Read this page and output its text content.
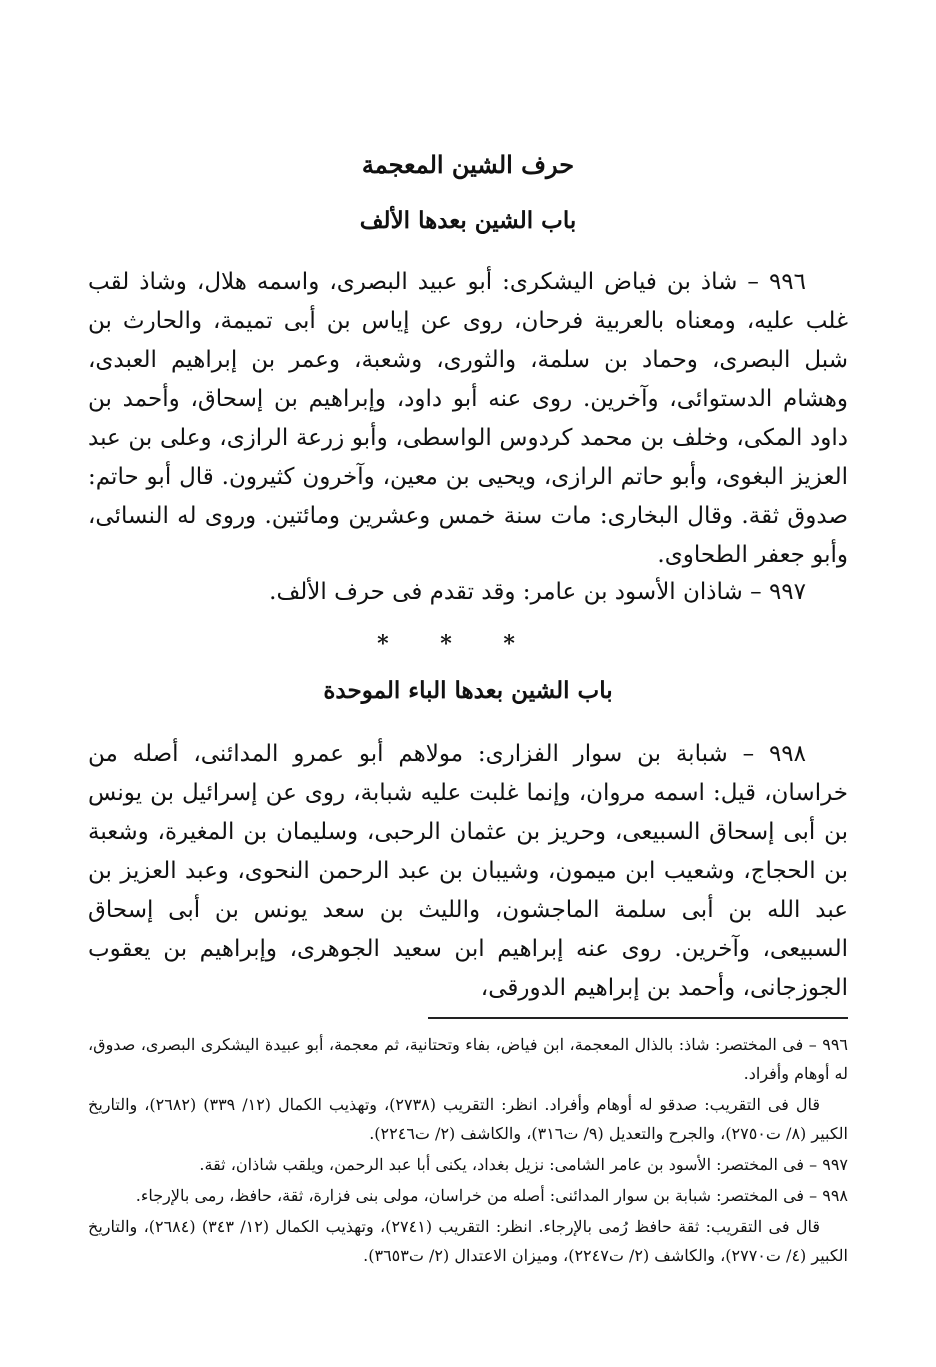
حرف الشين المعجمة
باب الشين بعدها الألف

٩٩٦ – شاذ بن فياض اليشكرى: أبو عبيد البصرى، واسمه هلال، وشاذ لقب غلب عليه، ومعناه بالعربية فرحان، روى عن إياس بن أبى تميمة، والحارث بن شبل البصرى، وحماد بن سلمة، والثورى، وشعبة، وعمر بن إبراهيم العبدى، وهشام الدستوائى، وآخرين. روى عنه أبو داود، وإبراهيم بن إسحاق، وأحمد بن داود المكى، وخلف بن محمد كردوس الواسطى، وأبو زرعة الرازى، وعلى بن عبد العزيز البغوى، وأبو حاتم الرازى، ويحيى بن معين، وآخرون كثيرون. قال أبو حاتم: صدوق ثقة. وقال البخارى: مات سنة خمس وعشرين ومائتين. وروى له النسائى، وأبو جعفر الطحاوى.

٩٩٧ – شاذان الأسود بن عامر: وقد تقدم فى حرف الألف.

* * *
باب الشين بعدها الباء الموحدة

٩٩٨ – شبابة بن سوار الفزارى: مولاهم أبو عمرو المدائنى، أصله من خراسان، قيل: اسمه مروان، وإنما غلبت عليه شبابة، روى عن إسرائيل بن يونس بن أبى إسحاق السبيعى، وحريز بن عثمان الرحبى، وسليمان بن المغيرة، وشعبة بن الحجاج، وشعيب ابن ميمون، وشيبان بن عبد الرحمن النحوى، وعبد العزيز بن عبد الله بن أبى سلمة الماجشون، والليث بن سعد يونس بن أبى إسحاق السبيعى، وآخرين. روى عنه إبراهيم ابن سعيد الجوهرى، وإبراهيم بن يعقوب الجوزجانى، وأحمد بن إبراهيم الدورقى،

٩٩٦ – فى المختصر: شاذ: بالذال المعجمة، ابن فياض، بفاء وتحتانية، ثم معجمة، أبو عبيدة اليشكرى البصرى، صدوق، له أوهام وأفراد.

قال فى التقريب: صدقو له أوهام وأفراد. انظر: التقريب (٢٧٣٨)، وتهذيب الكمال (١٢/ ٣٣٩) (٢٦٨٢)، والتاريخ الكبير (٨/ ت٢٧٥٠)، والجرح والتعديل (٩/ ت٣١٦)، والكاشف (٢/ ت٢٢٤٦).

٩٩٧ – فى المختصر: الأسود بن عامر الشامى: نزيل بغداد، يكنى أبا عبد الرحمن، ويلقب شاذان، ثقة.

٩٩٨ – فى المختصر: شبابة بن سوار المدائنى: أصله من خراسان، مولى بنى فزارة، ثقة، حافظ، رمى بالإرجاء.

قال فى التقريب: ثقة حافظ رُمى بالإرجاء. انظر: التقريب (٢٧٤١)، وتهذيب الكمال (١٢/ ٣٤٣) (٢٦٨٤)، والتاريخ الكبير (٤/ ت٢٧٧٠)، والكاشف (٢/ ت٢٢٤٧)، وميزان الاعتدال (٢/ ت٣٦٥٣).
